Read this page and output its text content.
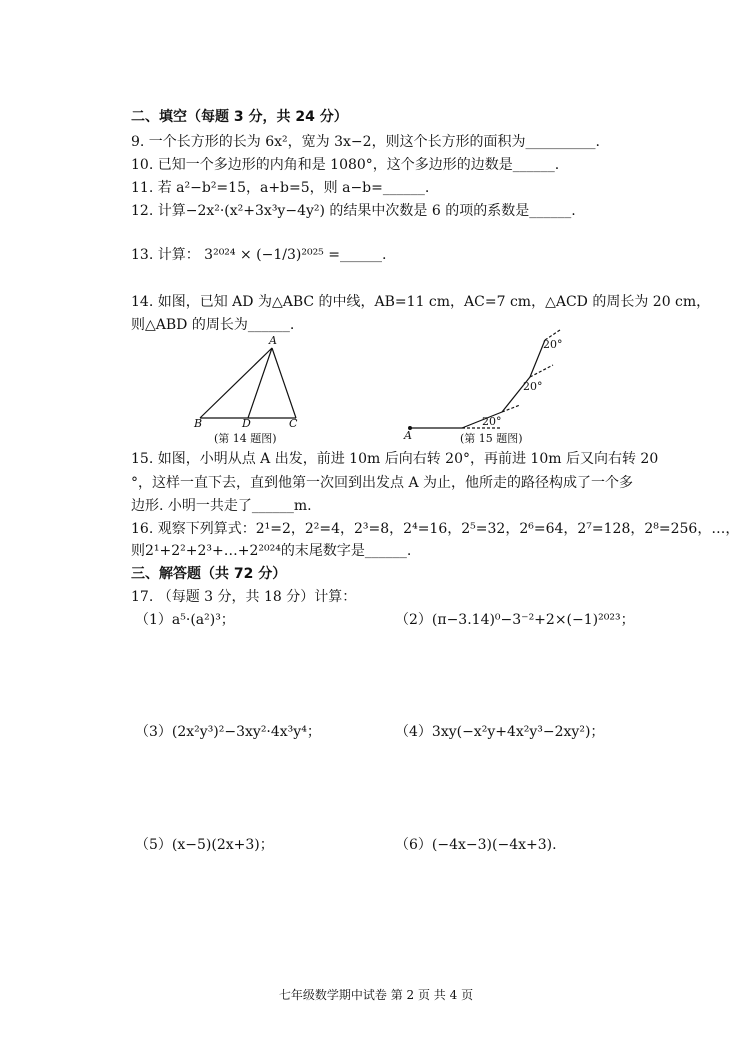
二、填空（每题 3 分，共 24 分）
9. 一个长方形的长为 6x²，宽为 3x−2，则这个长方形的面积为__________.
10. 已知一个多边形的内角和是 1080°，这个多边形的边数是______.
11. 若 a²−b²=15，a+b=5，则 a−b=______.
12. 计算−2x²·(x²+3x³y−4y²) 的结果中次数是 6 的项的系数是______.
13. 计算： 3²⁰²⁴ × (−1/3)²⁰²⁵ =______.
14. 如图，已知 AD 为△ABC 的中线，AB=11 cm，AC=7 cm，△ACD 的周长为 20 cm，
则△ABD 的周长为______.
A
B	D	C
(第 14 题图)
20°
20°
20°
A	(第 15 题图)
15. 如图，小明从点 A 出发，前进 10m 后向右转 20°，再前进 10m 后又向右转 20
°，这样一直下去，直到他第一次回到出发点 A 为止，他所走的路径构成了一个多
边形. 小明一共走了______m.
16. 观察下列算式：2¹=2，2²=4，2³=8，2⁴=16，2⁵=32，2⁶=64，2⁷=128，2⁸=256，…，
则2¹+2²+2³+…+2²⁰²⁴的末尾数字是______.
三、解答题（共 72 分）
17. （每题 3 分，共 18 分）计算：
（1）a⁵·(a²)³；	（2）(π−3.14)⁰−3⁻²+2×(−1)²⁰²³；
（3）(2x²y³)²−3xy²·4x³y⁴；	（4）3xy(−x²y+4x²y³−2xy²)；
（5）(x−5)(2x+3)；	（6）(−4x−3)(−4x+3).
七年级数学期中试卷 第 2 页 共 4 页
